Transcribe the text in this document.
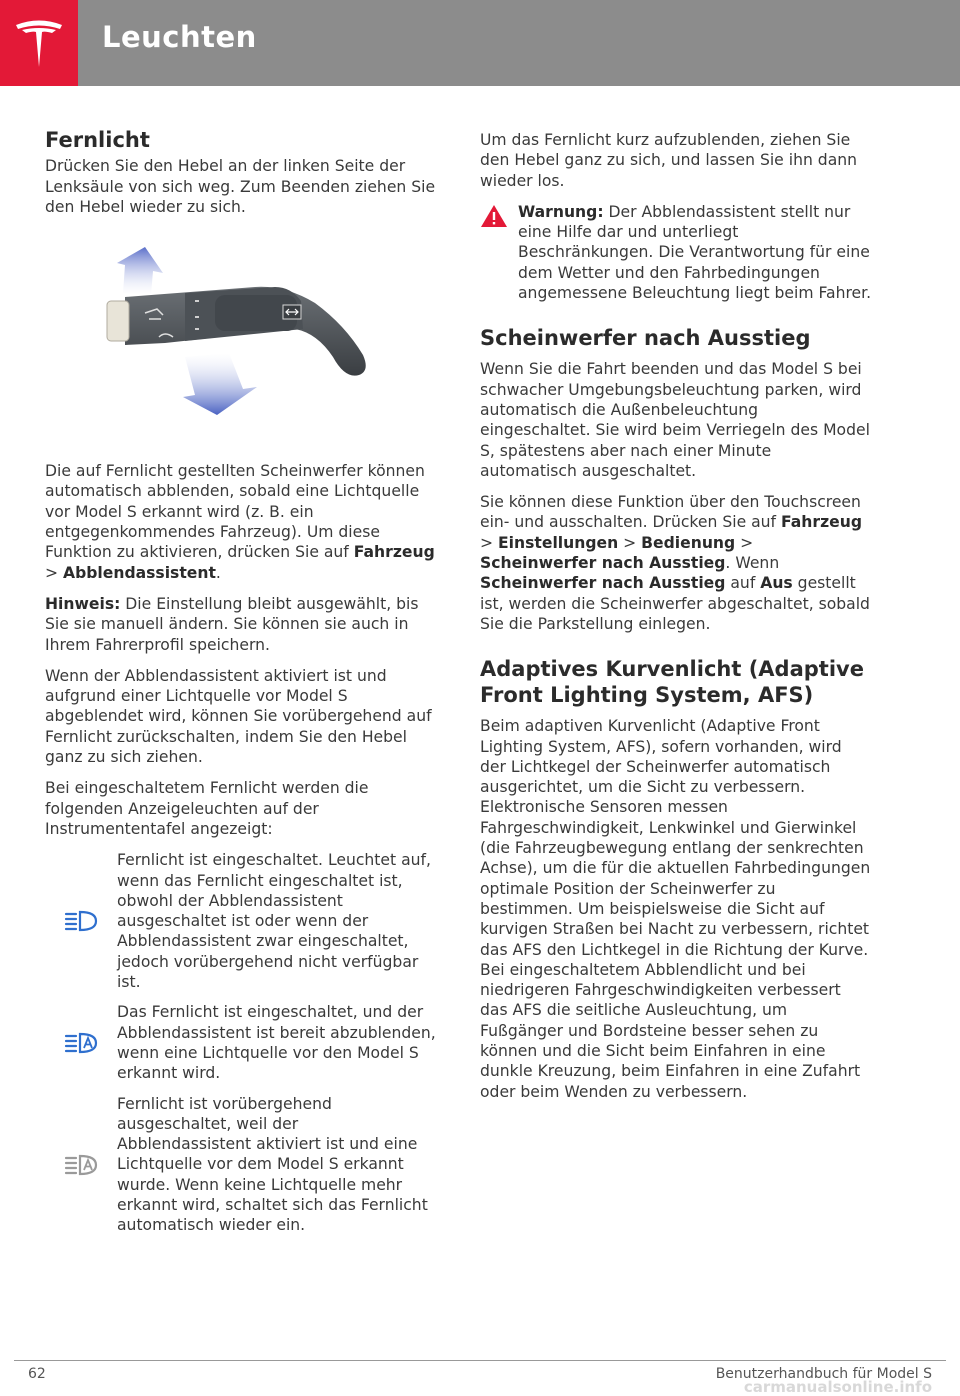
Leuchten
Fernlicht

Drücken Sie den Hebel an der linken Seite der Lenksäule von sich weg. Zum Beenden ziehen Sie den Hebel wieder zu sich.

Die auf Fernlicht gestellten Scheinwerfer können automatisch abblenden, sobald eine Lichtquelle vor Model S erkannt wird (z. B. ein entgegenkommendes Fahrzeug). Um diese Funktion zu aktivieren, drücken Sie auf Fahrzeug > Abblendassistent.

Hinweis: Die Einstellung bleibt ausgewählt, bis Sie sie manuell ändern. Sie können sie auch in Ihrem Fahrerprofil speichern.

Wenn der Abblendassistent aktiviert ist und aufgrund einer Lichtquelle vor Model S abgeblendet wird, können Sie vorübergehend auf Fernlicht zurückschalten, indem Sie den Hebel ganz zu sich ziehen.

Bei eingeschaltetem Fernlicht werden die folgenden Anzeigeleuchten auf der Instrumententafel angezeigt:

Fernlicht ist eingeschaltet. Leuchtet auf, wenn das Fernlicht eingeschaltet ist, obwohl der Abblendassistent ausgeschaltet ist oder wenn der Abblendassistent zwar eingeschaltet, jedoch vorübergehend nicht verfügbar ist.
Das Fernlicht ist eingeschaltet, und der Abblendassistent ist bereit abzublenden, wenn eine Lichtquelle vor den Model S erkannt wird.
Fernlicht ist vorübergehend ausgeschaltet, weil der Abblendassistent aktiviert ist und eine Lichtquelle vor dem Model S erkannt wurde. Wenn keine Lichtquelle mehr erkannt wird, schaltet sich das Fernlicht automatisch wieder ein.

Um das Fernlicht kurz aufzublenden, ziehen Sie den Hebel ganz zu sich, und lassen Sie ihn dann wieder los.

Warnung: Der Abblendassistent stellt nur eine Hilfe dar und unterliegt Beschränkungen. Die Verantwortung für eine dem Wetter und den Fahrbedingungen angemessene Beleuchtung liegt beim Fahrer.
Scheinwerfer nach Ausstieg

Wenn Sie die Fahrt beenden und das Model S bei schwacher Umgebungsbeleuchtung parken, wird automatisch die Außenbeleuchtung eingeschaltet. Sie wird beim Verriegeln des Model S, spätestens aber nach einer Minute automatisch ausgeschaltet.

Sie können diese Funktion über den Touchscreen ein- und ausschalten. Drücken Sie auf Fahrzeug > Einstellungen > Bedienung > Scheinwerfer nach Ausstieg. Wenn Scheinwerfer nach Ausstieg auf Aus gestellt ist, werden die Scheinwerfer abgeschaltet, sobald Sie die Parkstellung einlegen.

Adaptives Kurvenlicht (Adaptive Front Lighting System, AFS)

Beim adaptiven Kurvenlicht (Adaptive Front Lighting System, AFS), sofern vorhanden, wird der Lichtkegel der Scheinwerfer automatisch ausgerichtet, um die Sicht zu verbessern. Elektronische Sensoren messen Fahrgeschwindigkeit, Lenkwinkel und Gierwinkel (die Fahrzeugbewegung entlang der senkrechten Achse), um die für die aktuellen Fahrbedingungen optimale Position der Scheinwerfer zu bestimmen. Um beispielsweise die Sicht auf kurvigen Straßen bei Nacht zu verbessern, richtet das AFS den Lichtkegel in die Richtung der Kurve. Bei eingeschaltetem Abblendlicht und bei niedrigeren Fahrgeschwindigkeiten verbessert das AFS die seitliche Ausleuchtung, um Fußgänger und Bordsteine besser sehen zu können und die Sicht beim Einfahren in eine dunkle Kreuzung, beim Einfahren in eine Zufahrt oder beim Wenden zu verbessern.

62	Benutzerhandbuch für Model S
carmanualsonline.info
